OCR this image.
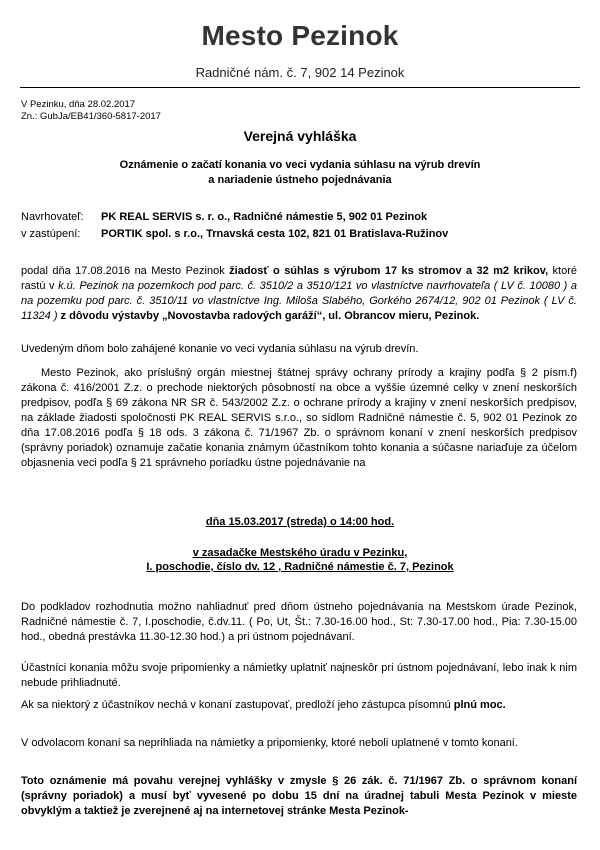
Mesto Pezinok
Radničné nám. č. 7, 902 14 Pezinok
V Pezinku, dňa 28.02.2017
Zn.: GubJa/EB41/360-5817-2017
Verejná vyhláška
Oznámenie o začatí konania vo veci vydania súhlasu na výrub drevín
a nariadenie ústneho pojednávania
Navrhovateľ: PK REAL SERVIS s. r. o., Radničné námestie 5, 902 01 Pezinok
v zastúpení: PORTIK spol. s r.o., Trnavská cesta 102, 821 01 Bratislava-Ružinov
podal dňa 17.08.2016 na Mesto Pezinok žiadosť o súhlas s výrubom 17 ks stromov a 32 m2 krikov, ktoré rastú v k.ú. Pezinok na pozemkoch pod parc. č. 3510/2 a 3510/121 vo vlastníctve navrhovateľa ( LV č. 10080 ) a na pozemku pod parc. č. 3510/11 vo vlastníctve Ing. Miloša Slabého, Gorkého 2674/12, 902 01 Pezinok ( LV č. 11324 ) z dôvodu výstavby „Novostavba radových garáží“, ul. Obrancov mieru, Pezinok.
Uvedeným dňom bolo zahájené konanie vo veci vydania súhlasu na výrub drevín.
Mesto Pezinok, ako príslušný orgán miestnej štátnej správy ochrany prírody a krajiny podľa § 2 písm.f) zákona č. 416/2001 Z.z. o prechode niektorých pôsobností na obce a vyššie územné celky v znení neskorších predpisov, podľa § 69 zákona NR SR č. 543/2002 Z.z. o ochrane prírody a krajiny v znení neskorších predpisov, na základe žiadosti spoločnosti PK REAL SERVIS s.r.o., so sídlom Radničné námestie č. 5, 902 01 Pezinok zo dňa 17.08.2016 podľa § 18 ods. 3 zákona č. 71/1967 Zb. o správnom konaní v znení neskorších predpisov (správny poriadok) oznamuje začatie konania známym účastníkom tohto konania a súčasne nariaďuje za účelom objasnenia veci podľa § 21 správneho poriadku ústne pojednávanie na
dňa 15.03.2017 (streda) o 14:00 hod.
v zasadačke Mestského úradu v Pezinku,
I. poschodie, číslo dv. 12 , Radničné námestie č. 7, Pezinok
Do podkladov rozhodnutia možno nahliadnuť pred dňom ústneho pojednávania na Mestskom úrade Pezinok, Radničné námestie č. 7, I.poschodie, č.dv.11. ( Po, Ut, Št.: 7.30-16.00 hod., St: 7.30-17.00 hod., Pia: 7.30-15.00 hod., obedná prestávka 11.30-12.30 hod.) a pri ústnom pojednávaní.
Účastníci konania môžu svoje pripomienky a námietky uplatniť najneskôr pri ústnom pojednávaní, lebo inak k nim nebude prihliadnuté.
Ak sa niektorý z účastníkov nechá v konaní zastupovať, predloží jeho zástupca písomnú plnú moc.
V odvolacom konaní sa neprihliada na námietky a pripomienky, ktoré neboli uplatnené v tomto konaní.
Toto oznámenie má povahu verejnej vyhlášky v zmysle § 26 zák. č. 71/1967 Zb. o správnom konaní (správny poriadok) a musí byť vyvesené po dobu 15 dní na úradnej tabuli Mesta Pezinok v mieste obvyklým a taktiež je zverejnené aj na internetovej stránke Mesta Pezinok-
